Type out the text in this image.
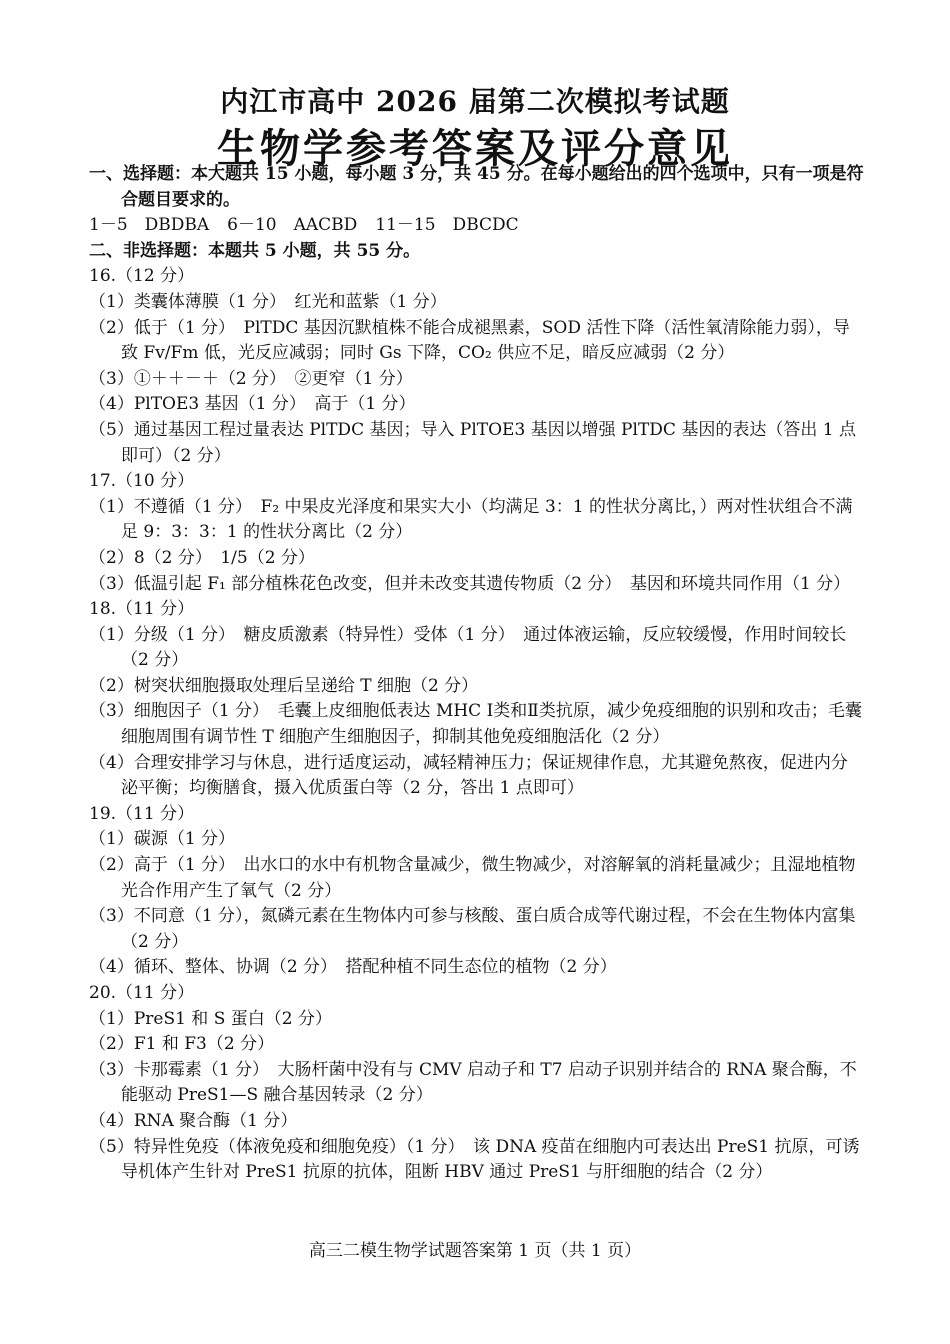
内江市高中 2026 届第二次模拟考试题
生物学参考答案及评分意见
一、选择题：本大题共 15 小题，每小题 3 分，共 45 分。在每小题给出的四个选项中，只有一项是符合题目要求的。
1－5　DBDBA 6－10　AACBD 11－15　DBCDC
二、非选择题：本题共 5 小题，共 55 分。
16.（12 分）
（1）类囊体薄膜（1 分）　红光和蓝紫（1 分）
（2）低于（1 分）　PlTDC 基因沉默植株不能合成褪黑素，SOD 活性下降（活性氧清除能力弱），导致 Fv/Fm 低，光反应减弱；同时 Gs 下降，CO₂ 供应不足，暗反应减弱（2 分）
（3）①＋＋－＋（2 分）　②更窄（1 分）
（4）PlTOE3 基因（1 分）　高于（1 分）
（5）通过基因工程过量表达 PlTDC 基因；导入 PlTOE3 基因以增强 PlTDC 基因的表达（答出 1 点即可）（2 分）
17.（10 分）
（1）不遵循（1 分）　F₂ 中果皮光泽度和果实大小（均满足 3：1 的性状分离比，）两对性状组合不满足 9：3：3：1 的性状分离比（2 分）
（2）8（2 分）　1/5（2 分）
（3）低温引起 F₁ 部分植株花色改变，但并未改变其遗传物质（2 分）　基因和环境共同作用（1 分）
18.（11 分）
（1）分级（1 分）　糖皮质激素（特异性）受体（1 分）　通过体液运输，反应较缓慢，作用时间较长（2 分）
（2）树突状细胞摄取处理后呈递给 T 细胞（2 分）
（3）细胞因子（1 分）　毛囊上皮细胞低表达 MHC Ⅰ类和Ⅱ类抗原，减少免疫细胞的识别和攻击；毛囊细胞周围有调节性 T 细胞产生细胞因子，抑制其他免疫细胞活化（2 分）
（4）合理安排学习与休息，进行适度运动，减轻精神压力；保证规律作息，尤其避免熬夜，促进内分泌平衡；均衡膳食，摄入优质蛋白等（2 分，答出 1 点即可）
19.（11 分）
（1）碳源（1 分）
（2）高于（1 分）　出水口的水中有机物含量减少，微生物减少，对溶解氧的消耗量减少；且湿地植物光合作用产生了氧气（2 分）
（3）不同意（1 分），氮磷元素在生物体内可参与核酸、蛋白质合成等代谢过程，不会在生物体内富集（2 分）
（4）循环、整体、协调（2 分）　搭配种植不同生态位的植物（2 分）
20.（11 分）
（1）PreS1 和 S 蛋白（2 分）
（2）F1 和 F3（2 分）
（3）卡那霉素（1 分）　大肠杆菌中没有与 CMV 启动子和 T7 启动子识别并结合的 RNA 聚合酶，不能驱动 PreS1—S 融合基因转录（2 分）
（4）RNA 聚合酶（1 分）
（5）特异性免疫（体液免疫和细胞免疫）（1 分）　该 DNA 疫苗在细胞内可表达出 PreS1 抗原，可诱导机体产生针对 PreS1 抗原的抗体，阻断 HBV 通过 PreS1 与肝细胞的结合（2 分）
高三二模生物学试题答案第 1 页（共 1 页）
